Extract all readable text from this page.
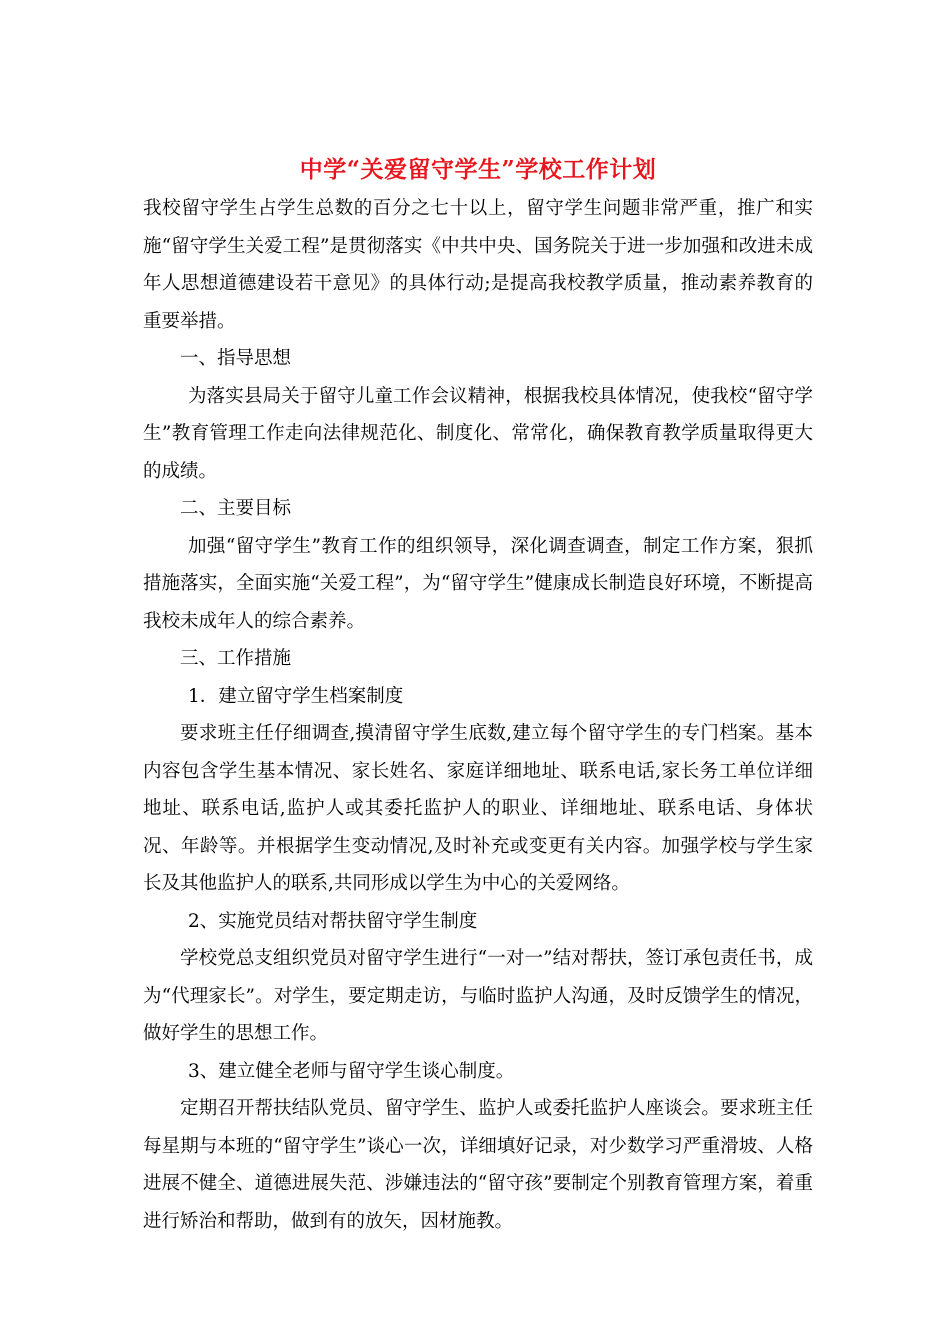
中学“关爱留守学生”学校工作计划

我校留守学生占学生总数的百分之七十以上，留守学生问题非常严重，推广和实施“留守学生关爱工程”是贯彻落实《中共中央、国务院关于进一步加强和改进未成年人思想道德建设若干意见》的具体行动;是提高我校教学质量，推动素养教育的重要举措。

一、指导思想

为落实县局关于留守儿童工作会议精神，根据我校具体情况，使我校“留守学生”教育管理工作走向法律规范化、制度化、常常化，确保教育教学质量取得更大的成绩。

二、主要目标

加强“留守学生”教育工作的组织领导，深化调查调查，制定工作方案，狠抓措施落实，全面实施“关爱工程”，为“留守学生”健康成长制造良好环境，不断提高我校未成年人的综合素养。

三、工作措施

1．建立留守学生档案制度

要求班主任仔细调查,摸清留守学生底数,建立每个留守学生的专门档案。基本内容包含学生基本情况、家长姓名、家庭详细地址、联系电话,家长务工单位详细地址、联系电话,监护人或其委托监护人的职业、详细地址、联系电话、身体状况、年龄等。并根据学生变动情况,及时补充或变更有关内容。加强学校与学生家长及其他监护人的联系,共同形成以学生为中心的关爱网络。

2、实施党员结对帮扶留守学生制度

学校党总支组织党员对留守学生进行“一对一”结对帮扶，签订承包责任书，成为“代理家长”。对学生，要定期走访，与临时监护人沟通，及时反馈学生的情况，做好学生的思想工作。

3、建立健全老师与留守学生谈心制度。

定期召开帮扶结队党员、留守学生、监护人或委托监护人座谈会。要求班主任每星期与本班的“留守学生”谈心一次，详细填好记录，对少数学习严重滑坡、人格进展不健全、道德进展失范、涉嫌违法的“留守孩”要制定个别教育管理方案，着重进行矫治和帮助，做到有的放矢，因材施教。
